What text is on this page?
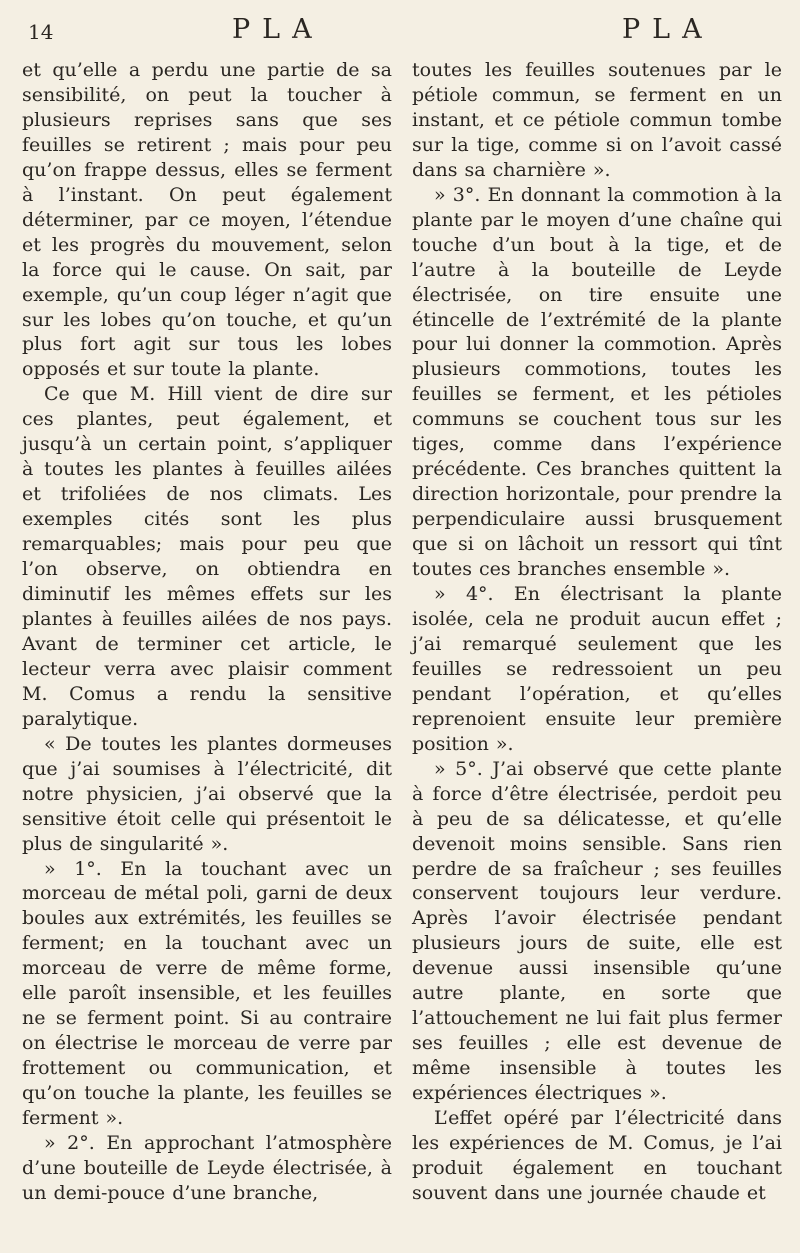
14	PLA	PLA

et qu’elle a perdu une partie de sa sensibilité, on peut la toucher à plusieurs reprises sans que ses feuilles se retirent ; mais pour peu qu’on frappe dessus, elles se ferment à l’instant. On peut également déterminer, par ce moyen, l’étendue et les progrès du mouvement, selon la force qui le cause. On sait, par exemple, qu’un coup léger n’agit que sur les lobes qu’on touche, et qu’un plus fort agit sur tous les lobes opposés et sur toute la plante.

Ce que M. Hill vient de dire sur ces plantes, peut également, et jusqu’à un certain point, s’appliquer à toutes les plantes à feuilles ailées et trifoliées de nos climats. Les exemples cités sont les plus remarquables; mais pour peu que l’on observe, on obtiendra en diminutif les mêmes effets sur les plantes à feuilles ailées de nos pays. Avant de terminer cet article, le lecteur verra avec plaisir comment M. Comus a rendu la sensitive paralytique.

« De toutes les plantes dormeuses que j’ai soumises à l’électricité, dit notre physicien, j’ai observé que la sensitive étoit celle qui présentoit le plus de singularité ».

» 1°. En la touchant avec un morceau de métal poli, garni de deux boules aux extrémités, les feuilles se ferment; en la touchant avec un morceau de verre de même forme, elle paroît insensible, et les feuilles ne se ferment point. Si au contraire on électrise le morceau de verre par frottement ou communication, et qu’on touche la plante, les feuilles se ferment ».

» 2°. En approchant l’atmosphère d’une bouteille de Leyde électrisée, à un demi-pouce d’une branche,

toutes les feuilles soutenues par le pétiole commun, se ferment en un instant, et ce pétiole commun tombe sur la tige, comme si on l’avoit cassé dans sa charnière ».

» 3°. En donnant la commotion à la plante par le moyen d’une chaîne qui touche d’un bout à la tige, et de l’autre à la bouteille de Leyde électrisée, on tire ensuite une étincelle de l’extrémité de la plante pour lui donner la commotion. Après plusieurs commotions, toutes les feuilles se ferment, et les pétioles communs se couchent tous sur les tiges, comme dans l’expérience précédente. Ces branches quittent la direction horizontale, pour prendre la perpendiculaire aussi brusquement que si on lâchoit un ressort qui tînt toutes ces branches ensemble ».

» 4°. En électrisant la plante isolée, cela ne produit aucun effet ; j’ai remarqué seulement que les feuilles se redressoient un peu pendant l’opération, et qu’elles reprenoient ensuite leur première position ».

» 5°. J’ai observé que cette plante à force d’être électrisée, perdoit peu à peu de sa délicatesse, et qu’elle devenoit moins sensible. Sans rien perdre de sa fraîcheur ; ses feuilles conservent toujours leur verdure. Après l’avoir électrisée pendant plusieurs jours de suite, elle est devenue aussi insensible qu’une autre plante, en sorte que l’attouchement ne lui fait plus fermer ses feuilles ; elle est devenue de même insensible à toutes les expériences électriques ».

L’effet opéré par l’électricité dans les expériences de M. Comus, je l’ai produit également en touchant souvent dans une journée chaude et
